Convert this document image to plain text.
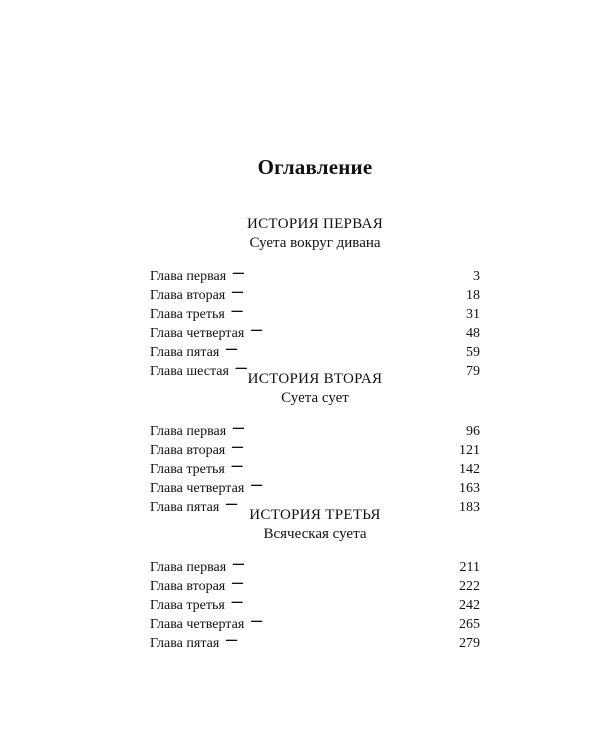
Оглавление
ИСТОРИЯ ПЕРВАЯ
Суета вокруг дивана
Глава первая . . .	3
Глава вторая . . .	18
Глава третья . . .	31
Глава четвертая . . .	48
Глава пятая . . .	59
Глава шестая . . .	79
ИСТОРИЯ ВТОРАЯ
Суета сует
Глава первая . . .	96
Глава вторая . . .	121
Глава третья . . .	142
Глава четвертая . . .	163
Глава пятая . . .	183
ИСТОРИЯ ТРЕТЬЯ
Всяческая суета
Глава первая . . .	211
Глава вторая . . .	222
Глава третья . . .	242
Глава четвертая . . .	265
Глава пятая . . .	279
